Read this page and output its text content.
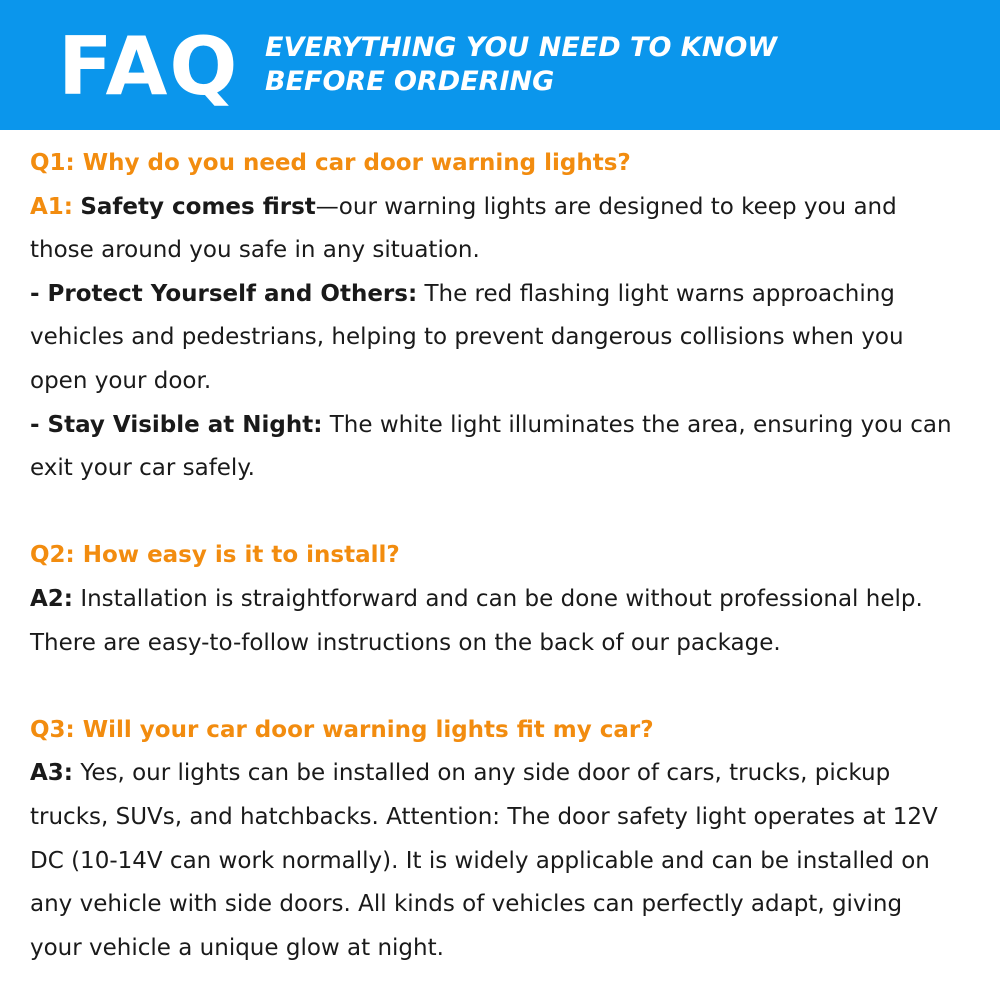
FAQ EVERYTHING YOU NEED TO KNOW
BEFORE ORDERING
Q1: Why do you need car door warning lights?
A1: Safety comes first—our warning lights are designed to keep you and
those around you safe in any situation.
- Protect Yourself and Others: The red flashing light warns approaching
vehicles and pedestrians, helping to prevent dangerous collisions when you
open your door.
- Stay Visible at Night: The white light illuminates the area, ensuring you can
exit your car safely.
Q2: How easy is it to install?
A2: Installation is straightforward and can be done without professional help.
There are easy-to-follow instructions on the back of our package.
Q3: Will your car door warning lights fit my car?
A3: Yes, our lights can be installed on any side door of cars, trucks, pickup
trucks, SUVs, and hatchbacks. Attention: The door safety light operates at 12V
DC (10-14V can work normally). It is widely applicable and can be installed on
any vehicle with side doors. All kinds of vehicles can perfectly adapt, giving
your vehicle a unique glow at night.
